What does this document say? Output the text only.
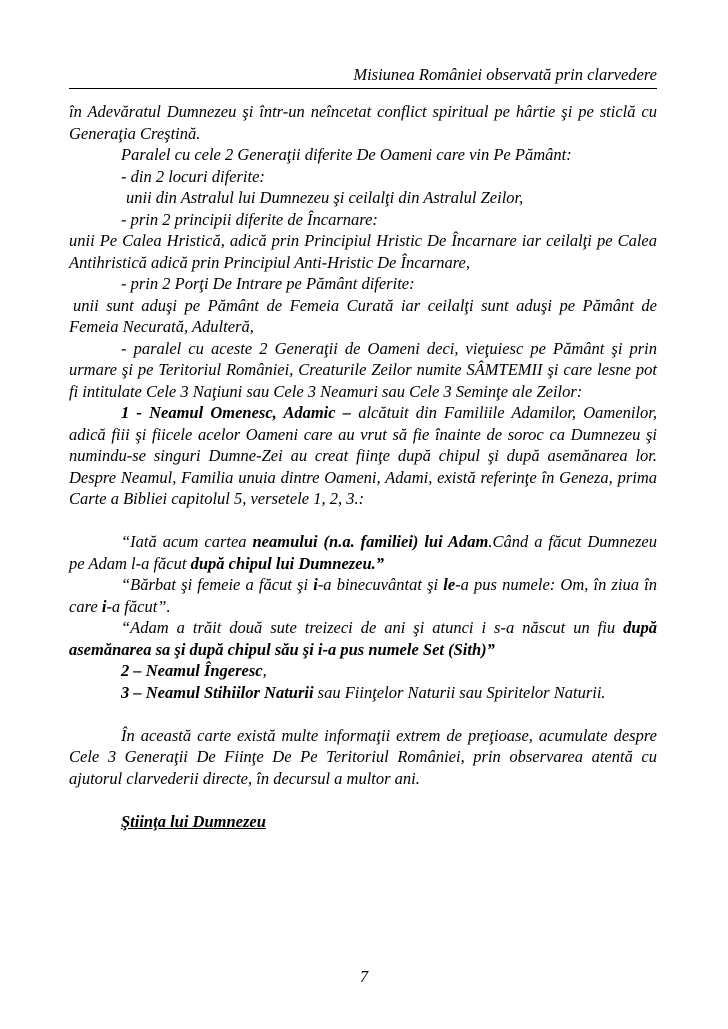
Misiunea României observată prin clarvedere

în Adevăratul Dumnezeu şi într-un neîncetat conflict spiritual pe hârtie şi pe sticlă cu Generaţia Creştină.

Paralel cu cele 2 Generaţii diferite De Oameni care vin Pe Pământ:

- din 2 locuri diferite:

unii din Astralul lui Dumnezeu şi ceilalţi din Astralul Zeilor,

- prin 2 principii diferite de Încarnare:

unii Pe Calea Hristică, adică prin Principiul Hristic De Încarnare iar ceilalţi pe Calea Antihristică adică prin Principiul Anti-Hristic De Încarnare,

- prin 2 Porţi De Intrare pe Pământ diferite:

unii sunt aduşi pe Pământ de Femeia Curată iar ceilalţi sunt aduşi pe Pământ de Femeia Necurată, Adulteră,

- paralel cu aceste 2 Generaţii de Oameni deci, vieţuiesc pe Pământ şi prin urmare şi pe Teritoriul României, Creaturile Zeilor numite SÂMTEMII şi care lesne pot fi intitulate Cele 3 Naţiuni sau Cele 3 Neamuri sau Cele 3 Seminţe ale Zeilor:

1 - Neamul Omenesc, Adamic – alcătuit din Familiile Adamilor, Oamenilor, adică fiii şi fiicele acelor Oameni care au vrut să fie înainte de soroc ca Dumnezeu şi numindu-se singuri Dumne-Zei au creat fiinţe după chipul şi după asemănarea lor. Despre Neamul, Familia unuia dintre Oameni, Adami, există referinţe în Geneza, prima Carte a Bibliei capitolul 5, versetele 1, 2, 3.:

“Iată acum cartea neamului (n.a. familiei) lui Adam.Când a făcut Dumnezeu pe Adam l-a făcut după chipul lui Dumnezeu.”

“Bărbat şi femeie a făcut şi i-a binecuvântat şi le-a pus numele: Om, în ziua în care i-a făcut”.

“Adam a trăit două sute treizeci de ani şi atunci i s-a născut un fiu după asemănarea sa şi după chipul său şi i-a pus numele Set (Sith)”

2 – Neamul Îngeresc,

3 – Neamul Stihiilor Naturii sau Fiinţelor Naturii sau Spiritelor Naturii.

În această carte există multe informaţii extrem de preţioase, acumulate despre Cele 3 Generaţii De Fiinţe De Pe Teritoriul României, prin observarea atentă cu ajutorul clarvederii directe, în decursul a multor ani.

Ştiinţa lui Dumnezeu

7
